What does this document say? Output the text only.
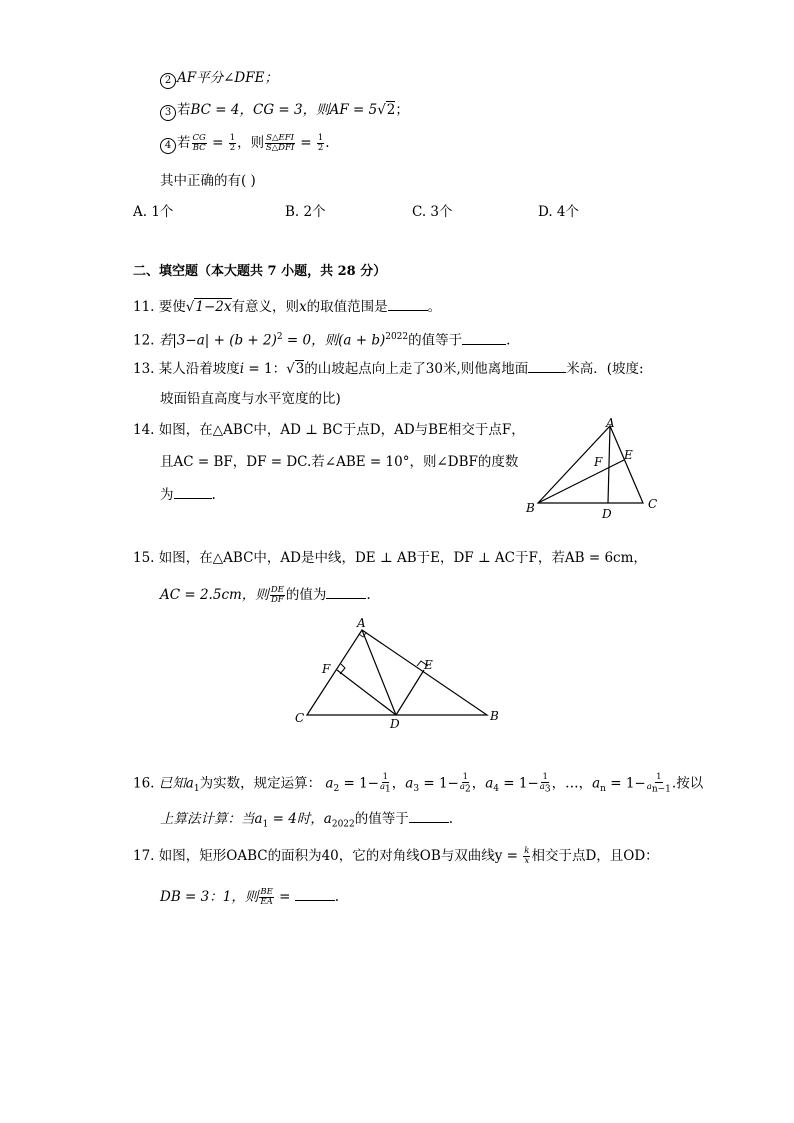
2 AF平分∠DFE；
3 若BC = 4，CG = 3，则AF = 5√2；
4 若 $\frac{CG}{BC} = \frac{1}{2}$ ，则 $\frac{\text{S△EFI}}{\text{S△DFI}} = \frac{1}{2}$ .
其中正确的有( )
A. 1个	B. 2个	C. 3个	D. 4个
二、填空题（本大题共 7 小题，共 28 分）
11. 要使√1−2x有意义，则x的取值范围是	。
12. 若$|3-a| + (b + 2)^2 = 0$，则$(a + b)^{2022}$的值等于	.
13. 某人沿着坡度i = 1：√3的山坡起点向上走了30米,则他离地面	米高．(坡度:
坡面铅直高度与水平宽度的比)
14. 如图，在△ABC中，AD ⊥ BC于点D，AD与BE相交于点F，
且AC = BF，DF = DC.若∠ABE = 10°，则∠DBF的度数
为	.
A
B	C
D
E
F
15. 如图，在△ABC中，AD是中线，DE ⊥ AB于E，DF ⊥ AC于F，若AB = 6cm，
AC = 2.5cm，则 $\frac{DE}{DF}$ 的值为	.
A
B
C	D
E
F
16. 已知$a_1$为实数，规定运算： $a_2 = 1- \frac{1}{a_1}$ ，$a_3 = 1- \frac{1}{a_2}$ ，$a_4 = 1- \frac{1}{a_3}$ ，…，$a_n = 1- \frac{1}{a_{n-1}}$ .按以
上算法计算：当$a_1 = 4$时，$a_{2022}$的值等于	.
17. 如图，矩形OABC的面积为40，它的对角线OB与双曲线$y = \frac{k}{x}$ 相交于点D，且OD：
DB = 3：1，则 $\frac{BE}{EA}$ =	.
